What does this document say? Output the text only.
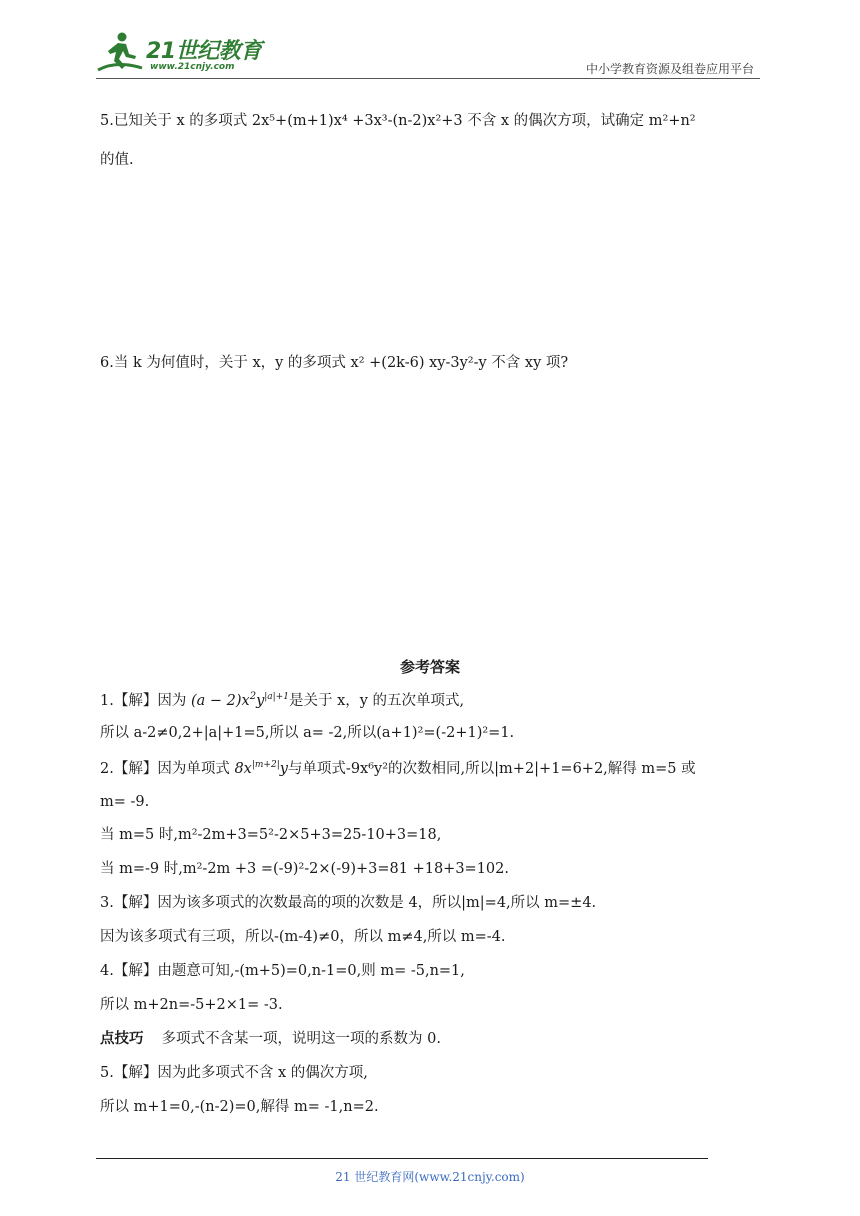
21世纪教育
www.21cnjy.com	中小学教育资源及组卷应用平台
5.已知关于 x 的多项式 2x⁵+(m+1)x⁴ +3x³-(n-2)x²+3 不含 x 的偶次方项，试确定 m²+n²
的值.
6.当 k 为何值时，关于 x，y 的多项式 x² +(2k-6) xy-3y²-y 不含 xy 项?
参考答案
1.【解】因为 $(a - 2)x^2y^{|a|+1}$是关于 x，y 的五次单项式,
所以 a-2≠0,2+|a|+1=5,所以 a= -2,所以(a+1)²=(-2+1)²=1.
2.【解】因为单项式 $8x^{|m+2|}y$与单项式-9x⁶y²的次数相同,所以|m+2|+1=6+2,解得 m=5 或
m= -9.
当 m=5 时,m²-2m+3=5²-2×5+3=25-10+3=18,
当 m=-9 时,m²-2m +3 =(-9)²-2×(-9)+3=81 +18+3=102.
3.【解】因为该多项式的次数最高的项的次数是 4，所以|m|=4,所以 m=±4.
因为该多项式有三项，所以-(m-4)≠0，所以 m≠4,所以 m=-4.
4.【解】由题意可知,-(m+5)=0,n-1=0,则 m= -5,n=1,
所以 m+2n=-5+2×1= -3.
点技巧 多项式不含某一项，说明这一项的系数为 0.
5.【解】因为此多项式不含 x 的偶次方项,
所以 m+1=0,-(n-2)=0,解得 m= -1,n=2.
21 世纪教育网(www.21cnjy.com)
